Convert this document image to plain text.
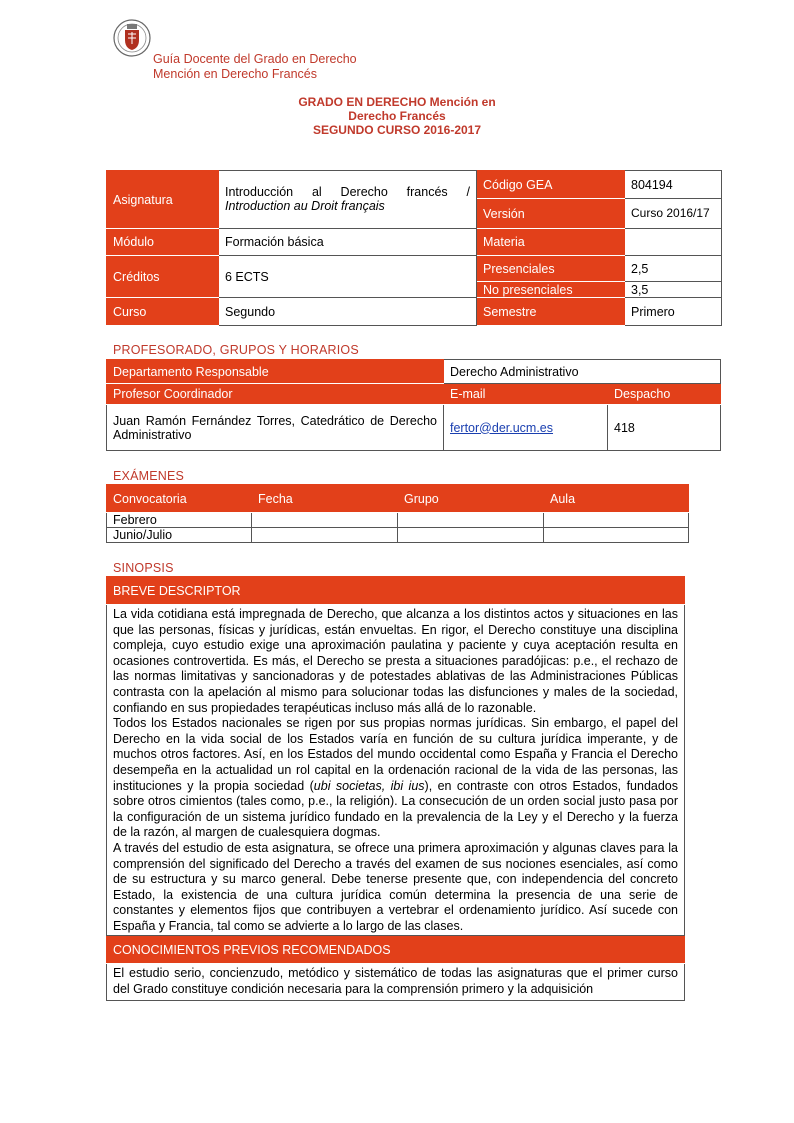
Guía Docente del Grado en Derecho
Mención en Derecho Francés
GRADO EN DERECHO Mención en
Derecho Francés
SEGUNDO CURSO 2016-2017
Asignatura	Introducción al Derecho francés /
Introduction au Droit français	Código GEA	804194
		Versión	Curso 2016/17
Módulo	Formación básica	Materia	
Créditos	6 ECTS	Presenciales	2,5
		No presenciales	3,5
Curso	Segundo	Semestre	Primero
PROFESORADO, GRUPOS Y HORARIOS
Departamento Responsable	Derecho Administrativo	
Profesor Coordinador	E-mail	Despacho
Juan Ramón Fernández Torres, Catedrático de Derecho Administrativo	fertor@der.ucm.es	418
EXÁMENES
Convocatoria	Fecha	Grupo	Aula
Febrero			
Junio/Julio			
SINOPSIS
BREVE DESCRIPTOR

La vida cotidiana está impregnada de Derecho, que alcanza a los distintos actos y situaciones en las que las personas, físicas y jurídicas, están envueltas. En rigor, el Derecho constituye una disciplina compleja, cuyo estudio exige una aproximación paulatina y paciente y cuya aceptación resulta en ocasiones controvertida. Es más, el Derecho se presta a situaciones paradójicas: p.e., el rechazo de las normas limitativas y sancionadoras y de potestades ablativas de las Administraciones Públicas contrasta con la apelación al mismo para solucionar todas las disfunciones y males de la sociedad, confiando en sus propiedades terapéuticas incluso más allá de lo razonable.

Todos los Estados nacionales se rigen por sus propias normas jurídicas. Sin embargo, el papel del Derecho en la vida social de los Estados varía en función de su cultura jurídica imperante, y de muchos otros factores. Así, en los Estados del mundo occidental como España y Francia el Derecho desempeña en la actualidad un rol capital en la ordenación racional de la vida de las personas, las instituciones y la propia sociedad (ubi societas, ibi ius), en contraste con otros Estados, fundados sobre otros cimientos (tales como, p.e., la religión). La consecución de un orden social justo pasa por la configuración de un sistema jurídico fundado en la prevalencia de la Ley y el Derecho y la fuerza de la razón, al margen de cualesquiera dogmas.

A través del estudio de esta asignatura, se ofrece una primera aproximación y algunas claves para la comprensión del significado del Derecho a través del examen de sus nociones esenciales, así como de su estructura y su marco general. Debe tenerse presente que, con independencia del concreto Estado, la existencia de una cultura jurídica común determina la presencia de una serie de constantes y elementos fijos que contribuyen a vertebrar el ordenamiento jurídico. Así sucede con España y Francia, tal como se advierte a lo largo de las clases.

CONOCIMIENTOS PREVIOS RECOMENDADOS

El estudio serio, concienzudo, metódico y sistemático de todas las asignaturas que el primer curso del Grado constituye condición necesaria para la comprensión primero y la adquisición
